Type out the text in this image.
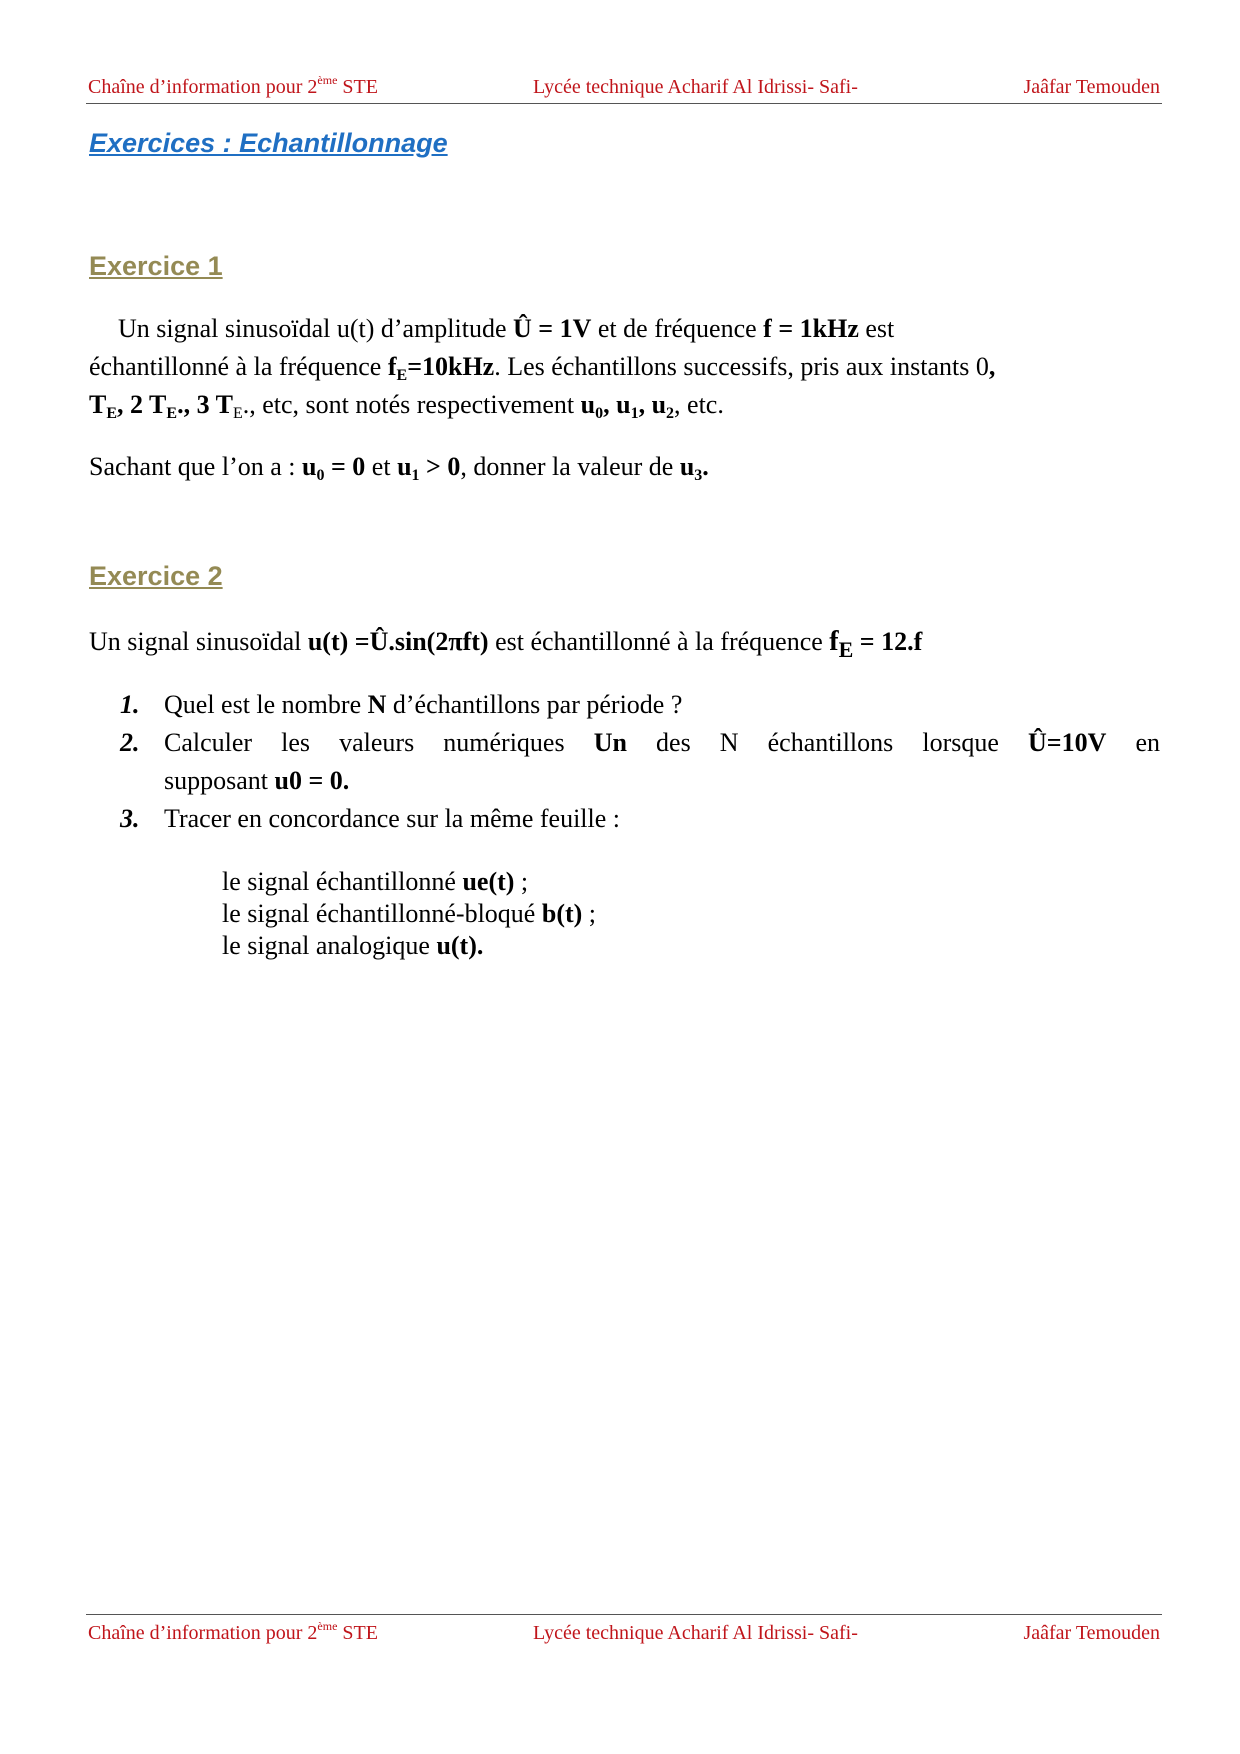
Chaîne d’information pour 2ème STE	Lycée technique Acharif Al Idrissi- Safi-	Jaâfar Temouden
Exercices : Echantillonnage
Exercice 1
Un signal sinusoïdal u(t) d’amplitude Û = 1V et de fréquence f = 1kHz est
échantillonné à la fréquence $f_E=10kHz$. Les échantillons successifs, pris aux instants 0,
$T_E$, 2 $T_E$., 3 $T_E$., etc, sont notés respectivement $u_0$, $u_1$, $u_2$, etc.
Sachant que l’on a : $u_0 = 0$ et $u_1 > 0$, donner la valeur de $u_3$.
Exercice 2
Un signal sinusoïdal u(t) =Û.sin(2πft) est échantillonné à la fréquence $f_E = 12.f$
1. Quel est le nombre N d’échantillons par période ?
2. Calculer les valeurs numériques Un des N échantillons lorsque Û=10V en
supposant u0 = 0.
3. Tracer en concordance sur la même feuille :
le signal échantillonné ue(t) ;
le signal échantillonné-bloqué b(t) ;
le signal analogique u(t).
Chaîne d’information pour 2ème STE	Lycée technique Acharif Al Idrissi- Safi-	Jaâfar Temouden
